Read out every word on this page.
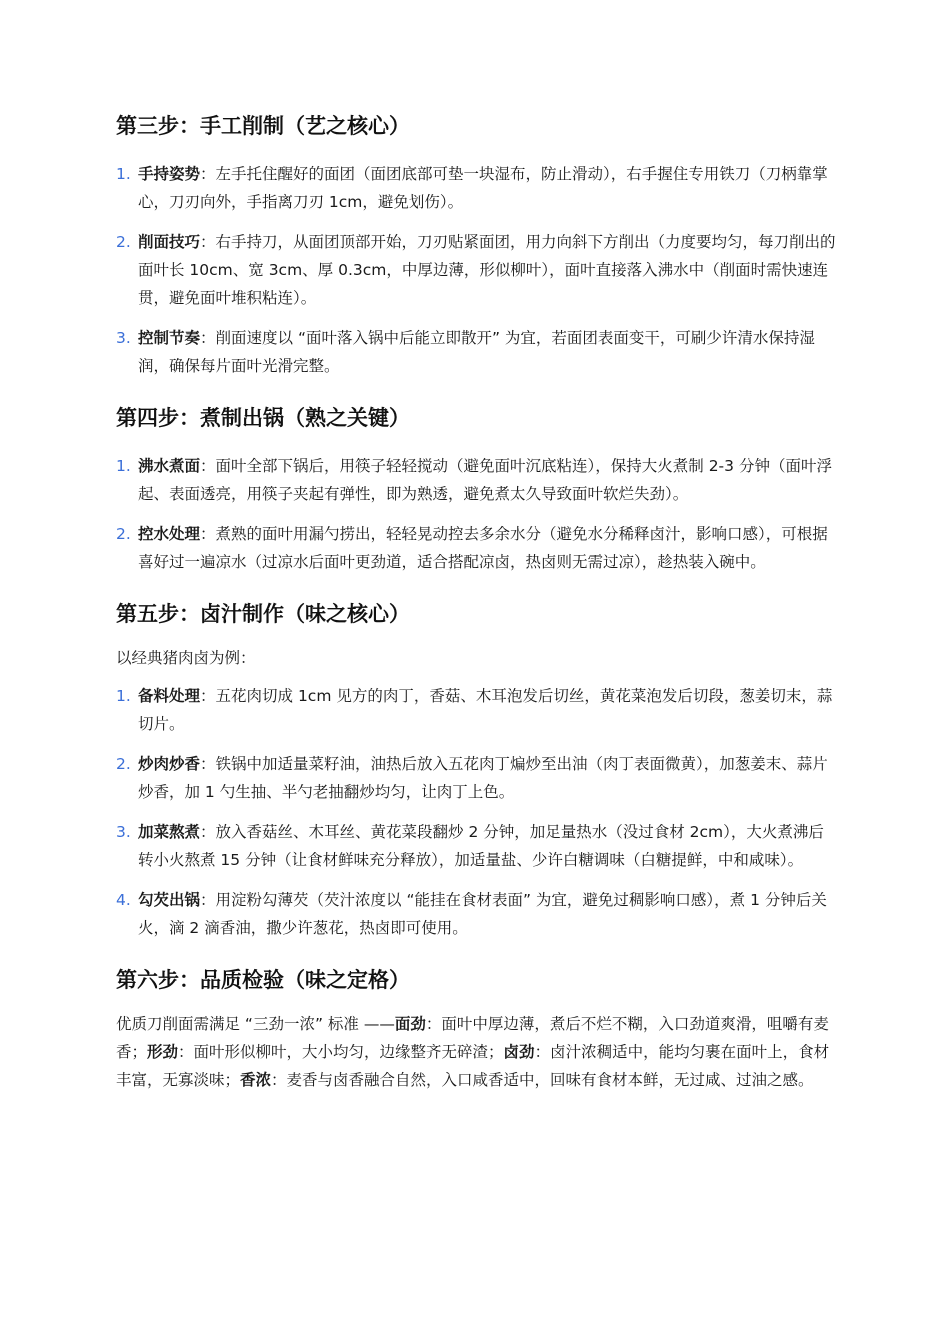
第三步：手工削制（艺之核心）
1. 手持姿势：左手托住醒好的面团（面团底部可垫一块湿布，防止滑动），右手握住专用铁刀（刀柄靠掌心，刀刃向外，手指离刀刃 1cm，避免划伤）。
2. 削面技巧：右手持刀，从面团顶部开始，刀刃贴紧面团，用力向斜下方削出（力度要均匀，每刀削出的面叶长 10cm、宽 3cm、厚 0.3cm，中厚边薄，形似柳叶），面叶直接落入沸水中（削面时需快速连贯，避免面叶堆积粘连）。
3. 控制节奏：削面速度以 “面叶落入锅中后能立即散开” 为宜，若面团表面变干，可刷少许清水保持湿润，确保每片面叶光滑完整。
第四步：煮制出锅（熟之关键）
1. 沸水煮面：面叶全部下锅后，用筷子轻轻搅动（避免面叶沉底粘连），保持大火煮制 2-3 分钟（面叶浮起、表面透亮，用筷子夹起有弹性，即为熟透，避免煮太久导致面叶软烂失劲）。
2. 控水处理：煮熟的面叶用漏勺捞出，轻轻晃动控去多余水分（避免水分稀释卤汁，影响口感），可根据喜好过一遍凉水（过凉水后面叶更劲道，适合搭配凉卤，热卤则无需过凉），趁热装入碗中。
第五步：卤汁制作（味之核心）

以经典猪肉卤为例：

1. 备料处理：五花肉切成 1cm 见方的肉丁，香菇、木耳泡发后切丝，黄花菜泡发后切段，葱姜切末，蒜切片。
2. 炒肉炒香：铁锅中加适量菜籽油，油热后放入五花肉丁煸炒至出油（肉丁表面微黄），加葱姜末、蒜片炒香，加 1 勺生抽、半勺老抽翻炒均匀，让肉丁上色。
3. 加菜熬煮：放入香菇丝、木耳丝、黄花菜段翻炒 2 分钟，加足量热水（没过食材 2cm），大火煮沸后转小火熬煮 15 分钟（让食材鲜味充分释放），加适量盐、少许白糖调味（白糖提鲜，中和咸味）。
4. 勾芡出锅：用淀粉勾薄芡（芡汁浓度以 “能挂在食材表面” 为宜，避免过稠影响口感），煮 1 分钟后关火，滴 2 滴香油，撒少许葱花，热卤即可使用。
第六步：品质检验（味之定格）

优质刀削面需满足 “三劲一浓” 标准 ——面劲：面叶中厚边薄，煮后不烂不糊，入口劲道爽滑，咀嚼有麦香；形劲：面叶形似柳叶，大小均匀，边缘整齐无碎渣；卤劲：卤汁浓稠适中，能均匀裹在面叶上，食材丰富，无寡淡味；香浓：麦香与卤香融合自然，入口咸香适中，回味有食材本鲜，无过咸、过油之感。
